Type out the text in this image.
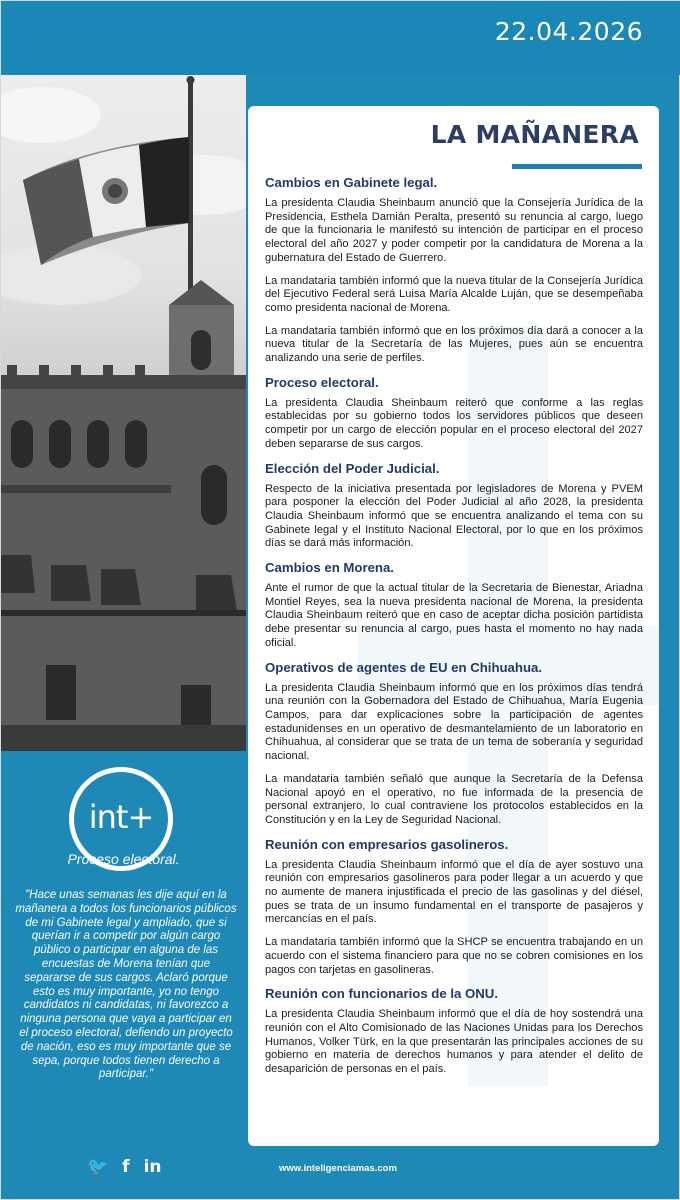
22.04.2026
int+
Proceso electoral.
"Hace unas semanas les dije aquí en la mañanera a todos los funcionarios públicos de mi Gabinete legal y ampliado, que si querían ir a competir por algún cargo público o participar en alguna de las encuestas de Morena tenían que separarse de sus cargos. Aclaró porque esto es muy importante, yo no tengo candidatos ni candidatas, ni favorezco a ninguna persona que vaya a participar en el proceso electoral, defiendo un proyecto de nación, eso es muy importante que se sepa, porque todos tienen derecho a participar."
🐦 f in	www.inteligenciamas.com
LA MAÑANERA
Cambios en Gabinete legal.

La presidenta Claudia Sheinbaum anunció que la Consejería Jurídica de la Presidencia, Esthela Damián Peralta, presentó su renuncia al cargo, luego de que la funcionaria le manifestó su intención de participar en el proceso electoral del año 2027 y poder competir por la candidatura de Morena a la gubernatura del Estado de Guerrero.

La mandataria también informó que la nueva titular de la Consejería Jurídica del Ejecutivo Federal será Luisa María Alcalde Luján, que se desempeñaba como presidenta nacional de Morena.

La mandataria también informó que en los próximos día dará a conocer a la nueva titular de la Secretaría de las Mujeres, pues aún se encuentra analizando una serie de perfiles.

Proceso electoral.

La presidenta Claudia Sheinbaum reiteró que conforme a las reglas establecidas por su gobierno todos los servidores públicos que deseen competir por un cargo de elección popular en el proceso electoral del 2027 deben separarse de sus cargos.

Elección del Poder Judicial.

Respecto de la iniciativa presentada por legisladores de Morena y PVEM para posponer la elección del Poder Judicial al año 2028, la presidenta Claudia Sheinbaum informó que se encuentra analizando el tema con su Gabinete legal y el Instituto Nacional Electoral, por lo que en los próximos días se dará más información.

Cambios en Morena.

Ante el rumor de que la actual titular de la Secretaria de Bienestar, Ariadna Montiel Reyes, sea la nueva presidenta nacional de Morena, la presidenta Claudia Sheinbaum reiteró que en caso de aceptar dicha posición partidista debe presentar su renuncia al cargo, pues hasta el momento no hay nada oficial.

Operativos de agentes de EU en Chihuahua.

La presidenta Claudia Sheinbaum informó que en los próximos días tendrá una reunión con la Gobernadora del Estado de Chihuahua, María Eugenia Campos, para dar explicaciones sobre la participación de agentes estadunidenses en un operativo de desmantelamiento de un laboratorio en Chihuahua, al considerar que se trata de un tema de soberanía y seguridad nacional.

La mandataria también señaló que aunque la Secretaría de la Defensa Nacional apoyó en el operativo, no fue informada de la presencia de personal extranjero, lo cual contraviene los protocolos establecidos en la Constitución y en la Ley de Seguridad Nacional.

Reunión con empresarios gasolineros.

La presidenta Claudia Sheinbaum informó que el día de ayer sostuvo una reunión con empresarios gasolineros para poder llegar a un acuerdo y que no aumente de manera injustificada el precio de las gasolinas y del diésel, pues se trata de un insumo fundamental en el transporte de pasajeros y mercancías en el país.

La mandataria también informó que la SHCP se encuentra trabajando en un acuerdo con el sistema financiero para que no se cobren comisiones en los pagos con tarjetas en gasolineras.

Reunión con funcionarios de la ONU.

La presidenta Claudia Sheinbaum informó que el día de hoy sostendrá una reunión con el Alto Comisionado de las Naciones Unidas para los Derechos Humanos, Volker Türk, en la que presentarán las principales acciones de su gobierno en materia de derechos humanos y para atender el delito de desaparición de personas en el país.
